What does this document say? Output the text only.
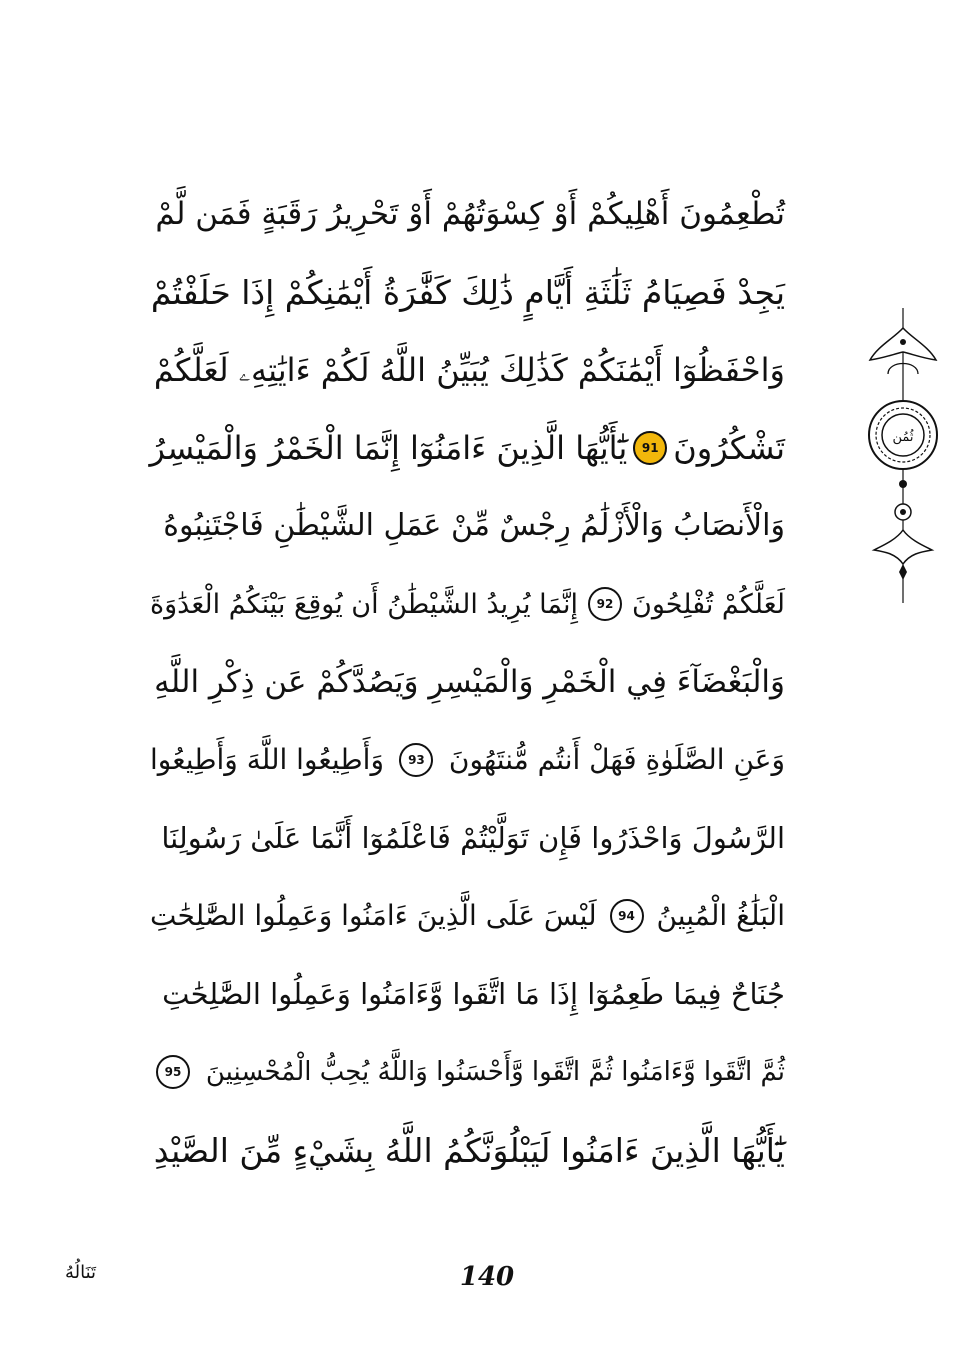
تُطْعِمُونَ أَهْلِيكُمْ أَوْ كِسْوَتُهُمْ أَوْ تَحْرِيرُ رَقَبَةٍ فَمَن لَّمْ
يَجِدْ فَصِيَامُ ثَلَٰثَةِ أَيَّامٍ ذَٰلِكَ كَفَّٰرَةُ أَيْمَٰنِكُمْ إِذَا حَلَفْتُمْ
وَاحْفَظُوٓا أَيْمَٰنَكُمْ كَذَٰلِكَ يُبَيِّنُ اللَّهُ لَكُمْ ءَايَٰتِهِۦ لَعَلَّكُمْ
تَشْكُرُونَ
91
يَٰٓأَيُّهَا الَّذِينَ ءَامَنُوٓا إِنَّمَا الْخَمْرُ وَالْمَيْسِرُ
وَالْأَنصَابُ وَالْأَزْلَٰمُ رِجْسٌ مِّنْ عَمَلِ الشَّيْطَٰنِ فَاجْتَنِبُوهُ
لَعَلَّكُمْ تُفْلِحُونَ
92
إِنَّمَا يُرِيدُ الشَّيْطَٰنُ أَن يُوقِعَ بَيْنَكُمُ الْعَدَٰوَةَ
وَالْبَغْضَآءَ فِي الْخَمْرِ وَالْمَيْسِرِ وَيَصُدَّكُمْ عَن ذِكْرِ اللَّهِ
وَعَنِ الصَّلَوٰةِ فَهَلْ أَنتُم مُّنتَهُونَ
93
وَأَطِيعُوا اللَّهَ وَأَطِيعُوا
الرَّسُولَ وَاحْذَرُوا فَإِن تَوَلَّيْتُمْ فَاعْلَمُوٓا أَنَّمَا عَلَىٰ رَسُولِنَا
الْبَلَٰغُ الْمُبِينُ
94
لَيْسَ عَلَى الَّذِينَ ءَامَنُوا وَعَمِلُوا الصَّٰلِحَٰتِ
جُنَاحٌ فِيمَا طَعِمُوٓا إِذَا مَا اتَّقَوا وَّءَامَنُوا وَعَمِلُوا الصَّٰلِحَٰتِ
ثُمَّ اتَّقَوا وَّءَامَنُوا ثُمَّ اتَّقَوا وَّأَحْسَنُوا وَاللَّهُ يُحِبُّ الْمُحْسِنِينَ
95
يَٰٓأَيُّهَا الَّذِينَ ءَامَنُوا لَيَبْلُوَنَّكُمُ اللَّهُ بِشَيْءٍ مِّنَ الصَّيْدِ
ثُمُن
تَنَالُهُ	140
